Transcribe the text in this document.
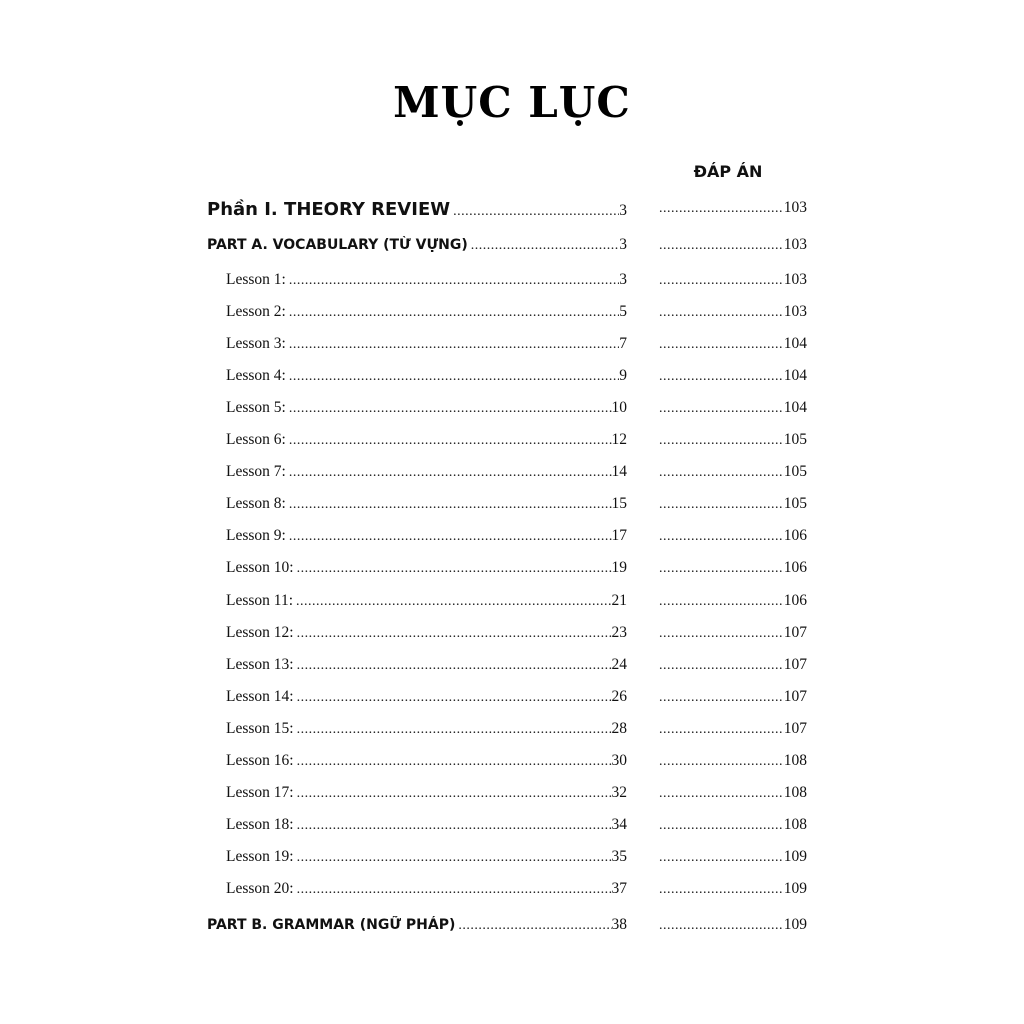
MỤC LỤC
ĐÁP ÁN
Phần I. THEORY REVIEW .....	3 .....	103
PART A. VOCABULARY (TỪ VỰNG) .....	3 .....	103
Lesson 1: .....	3 .....	103
Lesson 2: .....	5 .....	103
Lesson 3: .....	7 .....	104
Lesson 4: .....	9 .....	104
Lesson 5: .....	10 .....	104
Lesson 6: .....	12 .....	105
Lesson 7: .....	14 .....	105
Lesson 8: .....	15 .....	105
Lesson 9: .....	17 .....	106
Lesson 10: .....	19 .....	106
Lesson 11: .....	21 .....	106
Lesson 12: .....	23 .....	107
Lesson 13: .....	24 .....	107
Lesson 14: .....	26 .....	107
Lesson 15: .....	28 .....	107
Lesson 16: .....	30 .....	108
Lesson 17: .....	32 .....	108
Lesson 18: .....	34 .....	108
Lesson 19: .....	35 .....	109
Lesson 20: .....	37 .....	109
PART B. GRAMMAR (NGỮ PHÁP) .....	38 .....	109
